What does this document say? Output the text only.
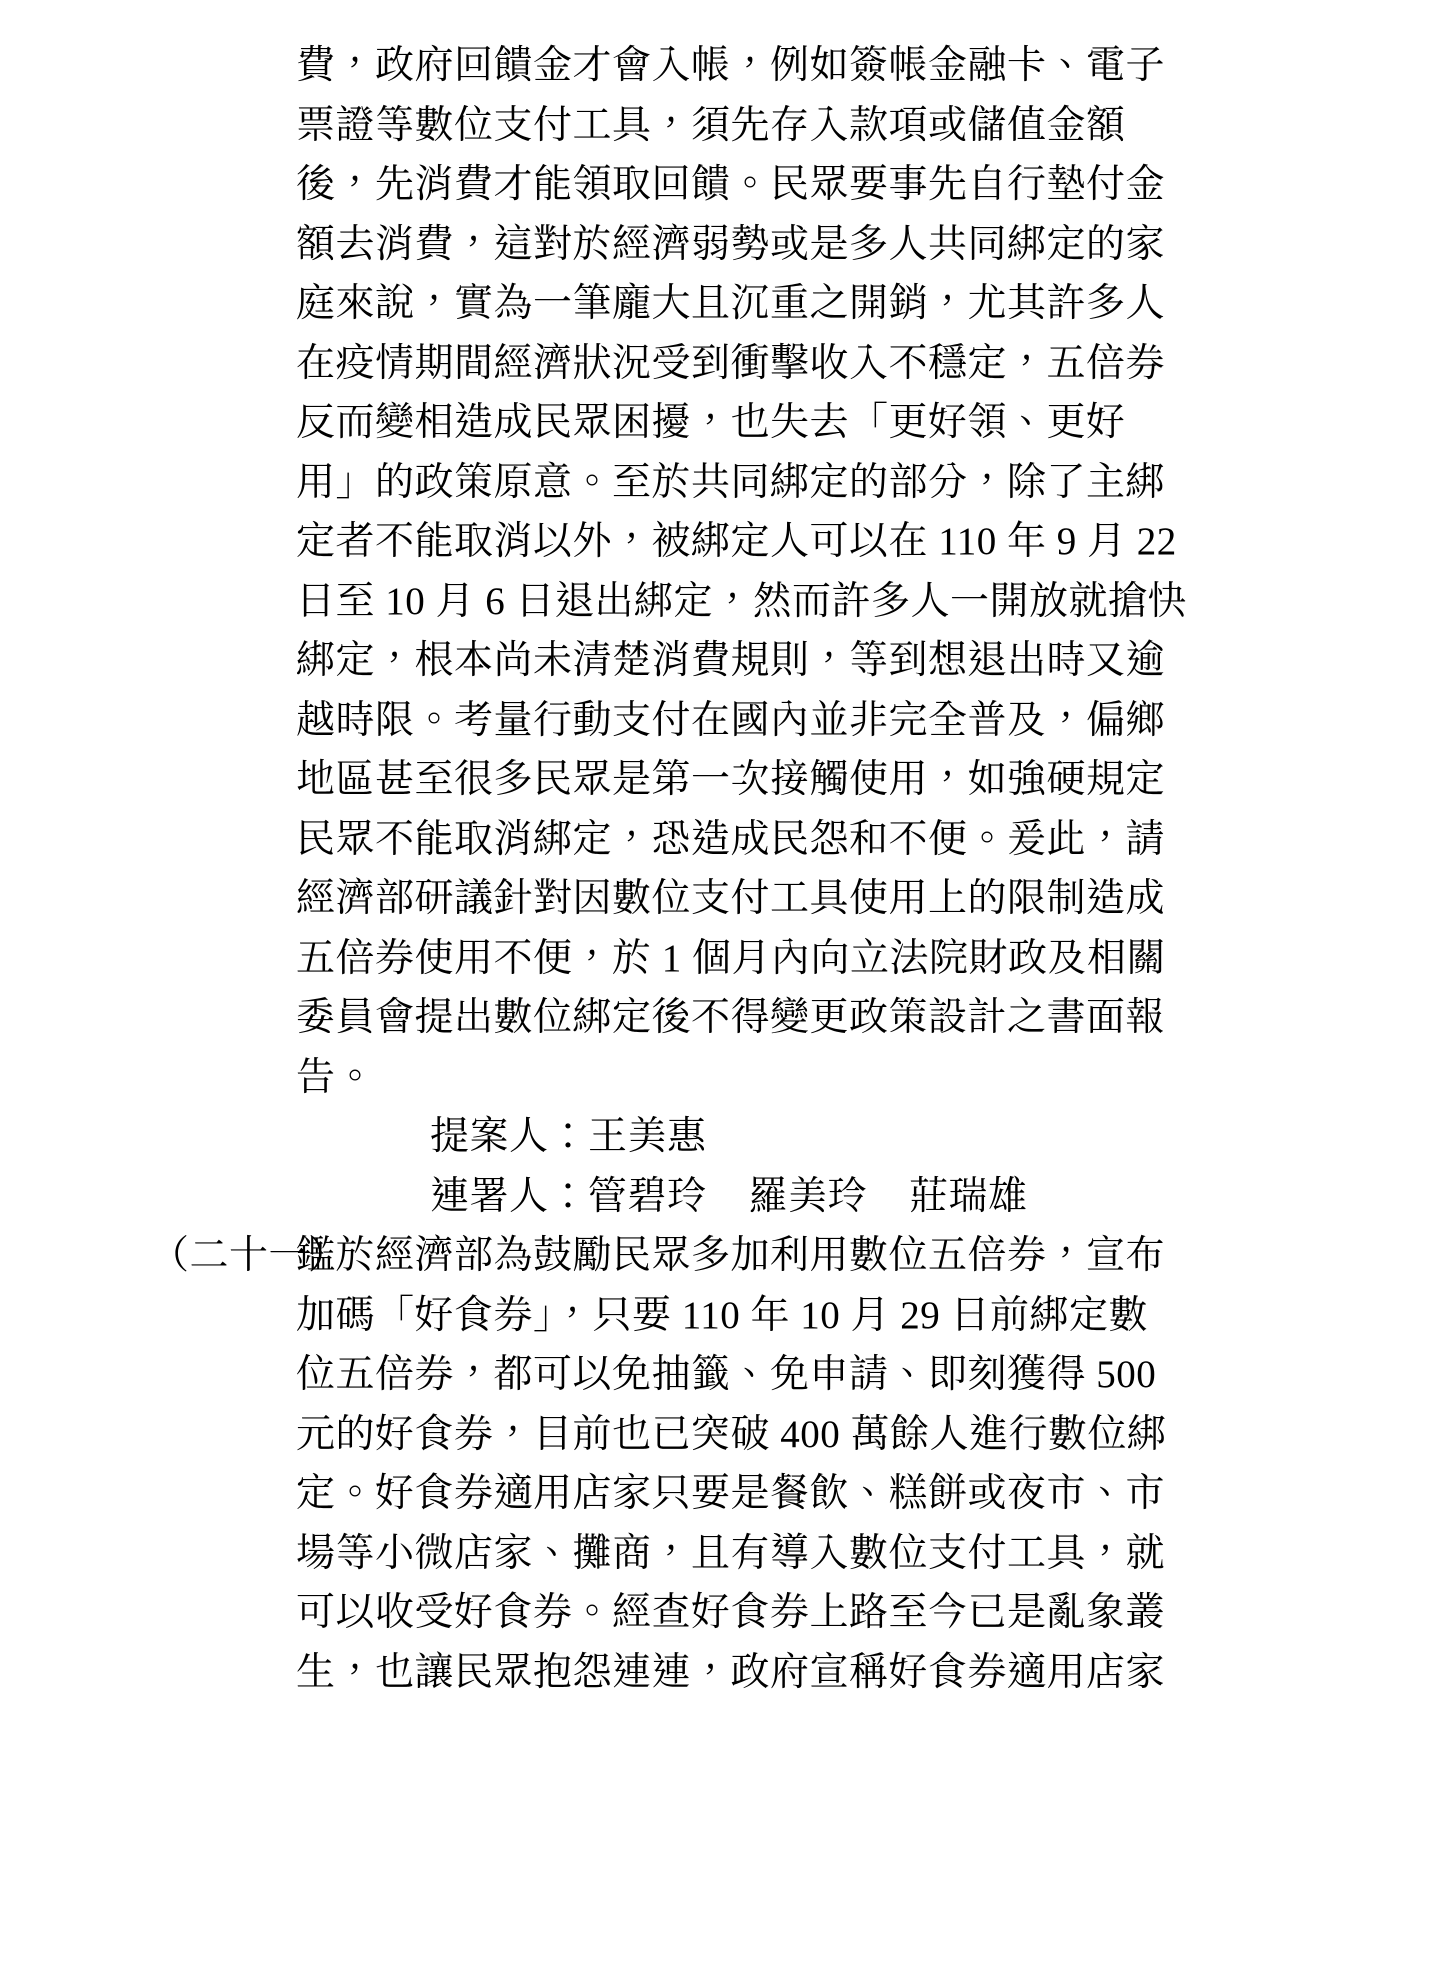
費，政府回饋金才會入帳，例如簽帳金融卡、電子
票證等數位支付工具，須先存入款項或儲值金額
後，先消費才能領取回饋。民眾要事先自行墊付金
額去消費，這對於經濟弱勢或是多人共同綁定的家
庭來說，實為一筆龐大且沉重之開銷，尤其許多人
在疫情期間經濟狀況受到衝擊收入不穩定，五倍券
反而變相造成民眾困擾，也失去「更好領、更好
用」的政策原意。至於共同綁定的部分，除了主綁
定者不能取消以外，被綁定人可以在 110 年 9 月 22
日至 10 月 6 日退出綁定，然而許多人一開放就搶快
綁定，根本尚未清楚消費規則，等到想退出時又逾
越時限。考量行動支付在國內並非完全普及，偏鄉
地區甚至很多民眾是第一次接觸使用，如強硬規定
民眾不能取消綁定，恐造成民怨和不便。爰此，請
經濟部研議針對因數位支付工具使用上的限制造成
五倍券使用不便，於 1 個月內向立法院財政及相關
委員會提出數位綁定後不得變更政策設計之書面報
告。
提案人：王美惠
連署人：管碧玲 羅美玲 莊瑞雄
（二十一）鑑於經濟部為鼓勵民眾多加利用數位五倍券，宣布
加碼「好食券」，只要 110 年 10 月 29 日前綁定數
位五倍券，都可以免抽籤、免申請、即刻獲得 500
元的好食券，目前也已突破 400 萬餘人進行數位綁
定。好食券適用店家只要是餐飲、糕餅或夜市、市
場等小微店家、攤商，且有導入數位支付工具，就
可以收受好食券。經查好食券上路至今已是亂象叢
生，也讓民眾抱怨連連，政府宣稱好食券適用店家
